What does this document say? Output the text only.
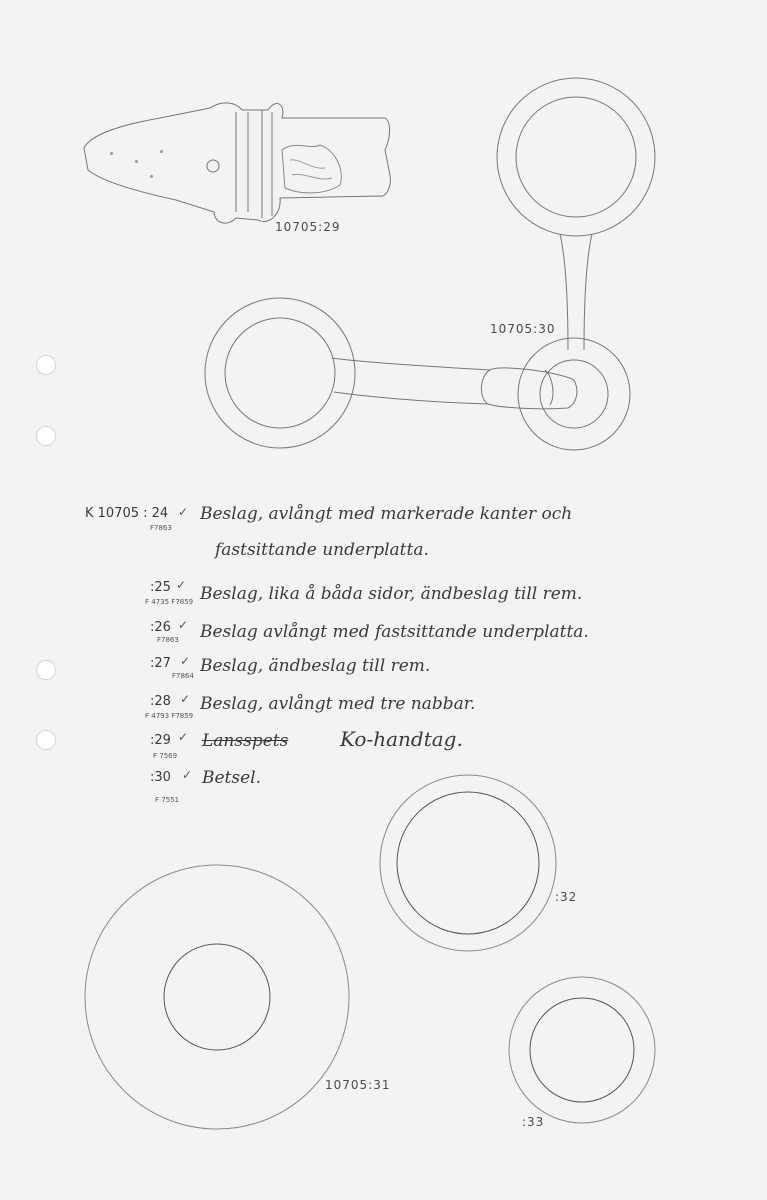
10705:29
10705:30
10705:31
:32
:33
K 10705 : 24
F7863
✓ Beslag, avlångt med markerade kanter och
fastsittande underplatta.
:25
F 4735 F7859
✓ Beslag, lika å båda sidor, ändbeslag till rem.
:26
F7863
✓ Beslag avlångt med fastsittande underplatta.
:27
F7864
✓ Beslag, ändbeslag till rem.
:28
F 4793 F7859
✓ Beslag, avlångt med tre nabbar.
:29
F 7569
✓ Lansspets	Ko-handtag.
:30
F 7551
✓ Betsel.
